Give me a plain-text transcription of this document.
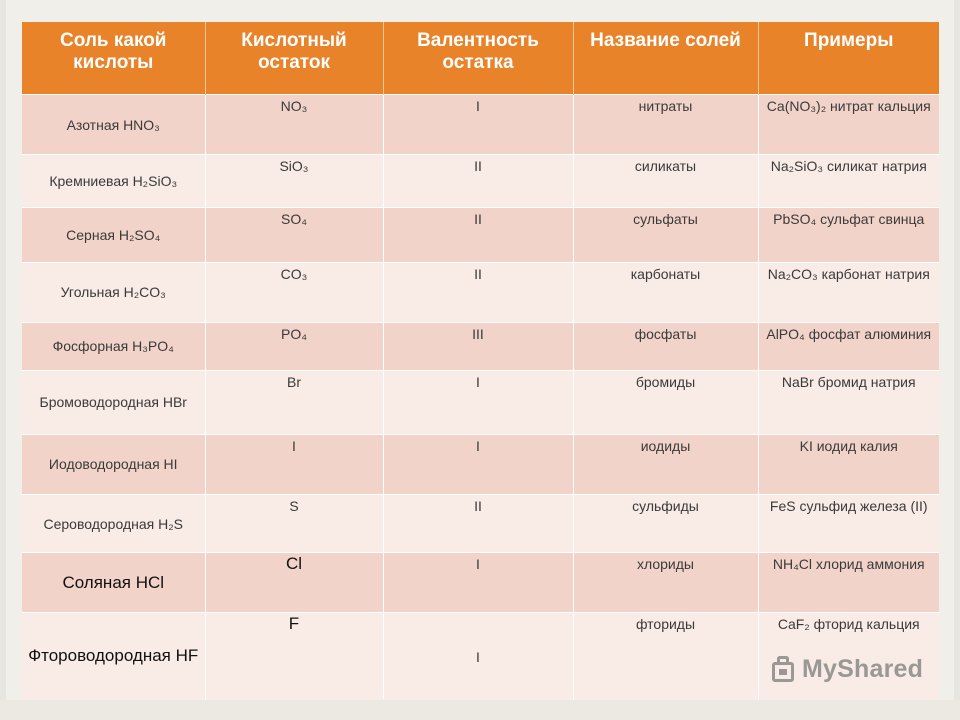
Соль какой кислоты	Кислотный остаток	Валентность остатка	Название солей	Примеры
Азотная HNO₃	NO₃	I	нитраты	Ca(NO₃)₂ нитрат кальция
Кремниевая H₂SiO₃	SiO₃	II	силикаты	Na₂SiO₃ силикат натрия
Серная H₂SO₄	SO₄	II	сульфаты	PbSO₄ сульфат свинца
Угольная H₂CO₃	CO₃	II	карбонаты	Na₂CO₃ карбонат натрия
Фосфорная H₃PO₄	PO₄	III	фосфаты	AlPO₄ фосфат алюминия
Бромоводородная HBr	Br	I	бромиды	NaBr бромид натрия
Иодоводородная HI	I	I	иодиды	KI иодид калия
Сероводородная H₂S	S	II	сульфиды	FeS сульфид железа (II)
Соляная HCl	Cl	I	хлориды	NH₄Cl хлорид аммония
Фтороводородная HF	F	I	фториды	CaF₂ фторид кальция
MyShared
